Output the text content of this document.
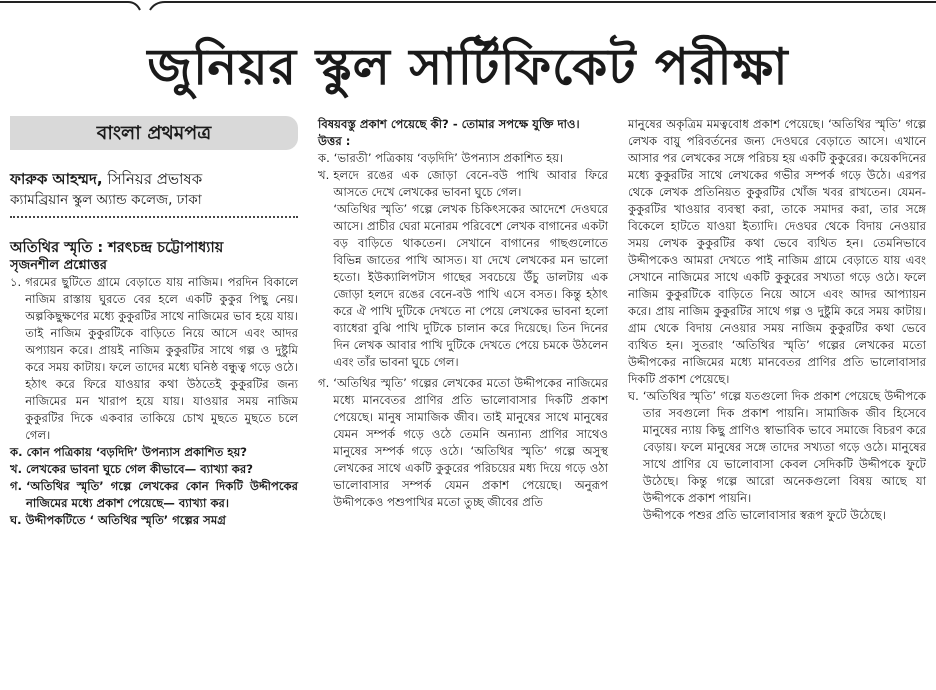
জুনিয়র স্কুল সার্টিফিকেট পরীক্ষা
বাংলা প্রথমপত্র

ফারুক আহম্মদ, সিনিয়র প্রভাষক

ক্যামব্রিয়ান স্কুল অ্যান্ড কলেজ, ঢাকা

অতিথির স্মৃতি : শরৎচন্দ্র চট্টোপাধ্যায়

সৃজনশীল প্রশ্নোত্তর

১. গরমের ছুটিতে গ্রামে বেড়াতে যায় নাজিম। পরদিন বিকালে নাজিম রাস্তায় ঘুরতে বের হলে একটি কুকুর পিছু নেয়। অল্পকিছুক্ষণের মধ্যে কুকুরটির সাথে নাজিমের ভাব হয়ে যায়। তাই নাজিম কুকুরটিকে বাড়িতে নিয়ে আসে এবং আদর অপ্যায়ন করে। প্রায়ই নাজিম কুকুরটির সাথে গল্প ও দুষ্টুমি করে সময় কাটায়। ফলে তাদের মধ্যে ঘনিষ্ঠ বন্ধুত্ব গড়ে ওঠে। হঠাৎ করে ফিরে যাওয়ার কথা উঠতেই কুকুরটির জন্য নাজিমের মন খারাপ হয়ে যায়। যাওয়ার সময় নাজিম কুকুরটির দিকে একবার তাকিয়ে চোখ মুছতে মুছতে চলে গেল।
ক. কোন পত্রিকায় ‘বড়দিদি’ উপন্যাস প্রকাশিত হয়?
খ. লেখকের ভাবনা ঘুচে গেল কীভাবে— ব্যাখ্যা কর?
গ. ‘অতিথির স্মৃতি’ গল্পে লেখকের কোন দিকটি উদ্দীপকের নাজিমের মধ্যে প্রকাশ পেয়েছে— ব্যাখ্যা কর।
ঘ. উদ্দীপকটিতে ‘ অতিথির স্মৃতি’ গল্পের সমগ্র

বিষয়বস্তু প্রকাশ পেয়েছে কী? - তোমার সপক্ষে যুক্তি দাও।

উত্তর :

ক. ‘ভারতী’ পত্রিকায় ‘বড়দিদি’ উপন্যাস প্রকাশিত হয়।
খ. হলদে রঙের এক জোড়া বেনে-বউ পাখি আবার ফিরে আসতে দেখে লেখকের ভাবনা ঘুচে গেল।
‘অতিথির স্মৃতি’ গল্পে লেখক চিকিৎসকের আদেশে দেওঘরে আসে। প্রাচীর ঘেরা মনোরম পরিবেশে লেখক বাগানের একটা বড় বাড়িতে থাকতেন। সেখানে বাগানের গাছগুলোতে বিভিন্ন জাতের পাখি আসত। যা দেখে লেখকের মন ভালো হতো। ইউক্যালিপটাস গাছের সবচেয়ে উঁচু ডালটায় এক জোড়া হলদে রঙের বেনে-বউ পাখি এসে বসত। কিন্তু হঠাৎ করে ঐ পাখি দুটিকে দেখতে না পেয়ে লেখকের ভাবনা হলো ব্যাধেরা বুঝি পাখি দুটিকে চালান করে দিয়েছে। তিন দিনের দিন লেখক আবার পাখি দুটিকে দেখতে পেয়ে চমকে উঠলেন এবং তাঁর ভাবনা ঘুচে গেল।
গ. ‘অতিথির স্মৃতি’ গল্পের লেখকের মতো উদ্দীপকের নাজিমের মধ্যে মানবেতর প্রাণির প্রতি ভালোবাসার দিকটি প্রকাশ পেয়েছে। মানুষ সামাজিক জীব। তাই মানুষের সাথে মানুষের যেমন সম্পর্ক গড়ে ওঠে তেমনি অন্যান্য প্রাণির সাথেও মানুষের সম্পর্ক গড়ে ওঠে। ‘অতিথির স্মৃতি’ গল্পে অসুস্থ লেখকের সাথে একটি কুকুরের পরিচয়ের মধ্য দিয়ে গড়ে ওঠা ভালোবাসার সম্পর্ক যেমন প্রকাশ পেয়েছে। অনুরূপ উদ্দীপকেও পশুপাখির মতো তুচ্ছ জীবের প্রতি

মানুষের অকৃত্রিম মমত্ববোধ প্রকাশ পেয়েছে। ‘অতিথির স্মৃতি’ গল্পে লেখক বায়ু পরিবর্তনের জন্য দেওঘরে বেড়াতে আসে। এখানে আসার পর লেখকের সঙ্গে পরিচয় হয় একটি কুকুরের। কয়েকদিনের মধ্যে কুকুরটির সাথে লেখকের গভীর সম্পর্ক গড়ে উঠে। এরপর থেকে লেখক প্রতিনিয়ত কুকুরটির খোঁজ খবর রাখতেন। যেমন-কুকুরটির খাওয়ার ব্যবস্থা করা, তাকে সমাদর করা, তার সঙ্গে বিকেলে হাটতে যাওয়া ইত্যাদি। দেওঘর থেকে বিদায় নেওয়ার সময় লেখক কুকুরটির কথা ভেবে ব্যথিত হন। তেমনিভাবে উদ্দীপকেও আমরা দেখতে পাই নাজিম গ্রামে বেড়াতে যায় এবং সেখানে নাজিমের সাথে একটি কুকুরের সখ্যতা গড়ে ওঠে। ফলে নাজিম কুকুরটিকে বাড়িতে নিয়ে আসে এবং আদর আপ্যায়ন করে। প্রায় নাজিম কুকুরটির সাথে গল্প ও দুষ্টুমি করে সময় কাটায়। গ্রাম থেকে বিদায় নেওয়ার সময় নাজিম কুকুরটির কথা ভেবে ব্যথিত হন। সুতরাং ‘অতিথির স্মৃতি’ গল্পের লেখকের মতো উদ্দীপকের নাজিমের মধ্যে মানবেতর প্রাণির প্রতি ভালোবাসার দিকটি প্রকাশ পেয়েছে।

ঘ. ‘অতিথির স্মৃতি’ গল্পে যতগুলো দিক প্রকাশ পেয়েছে উদ্দীপকে তার সবগুলো দিক প্রকাশ পায়নি। সামাজিক জীব হিসেবে মানুষের ন্যায় কিছু প্রাণিও স্বাভাবিক ভাবে সমাজে বিচরণ করে বেড়ায়। ফলে মানুষের সঙ্গে তাদের সখ্যতা গড়ে ওঠে। মানুষের সাথে প্রাণির যে ভালোবাসা কেবল সেদিকটি উদ্দীপকে ফুটে উঠেছে। কিন্তু গল্পে আরো অনেকগুলো বিষয় আছে যা উদ্দীপকে প্রকাশ পায়নি।
উদ্দীপকে পশুর প্রতি ভালোবাসার স্বরূপ ফুটে উঠেছে।
